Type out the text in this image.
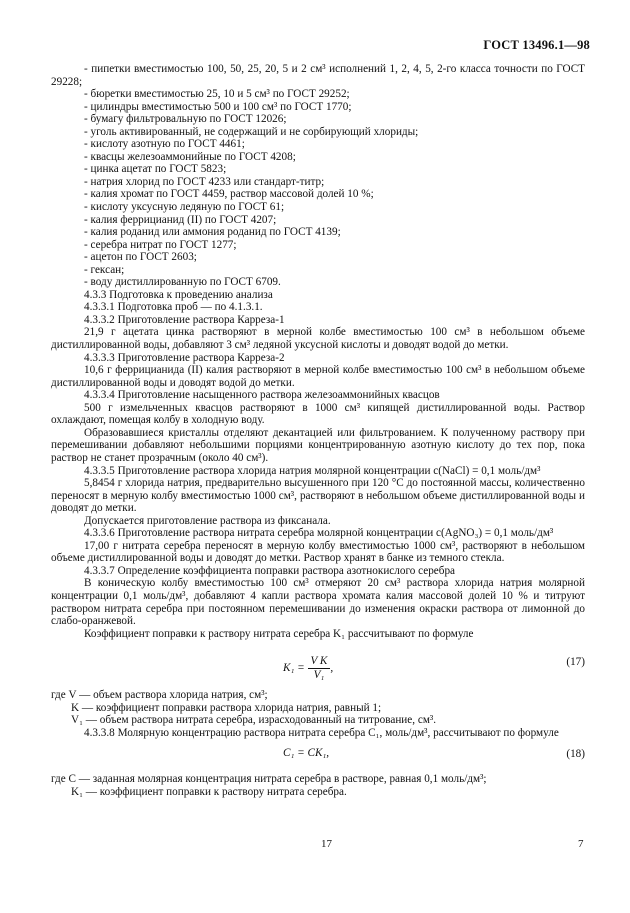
ГОСТ 13496.1—98

- пипетки вместимостью 100, 50, 25, 20, 5 и 2 см³ исполнений 1, 2, 4, 5, 2-го класса точности по ГОСТ 29228;

- бюретки вместимостью 25, 10 и 5 см³ по ГОСТ 29252;

- цилиндры вместимостью 500 и 100 см³ по ГОСТ 1770;

- бумагу фильтровальную по ГОСТ 12026;

- уголь активированный, не содержащий и не сорбирующий хлориды;

- кислоту азотную по ГОСТ 4461;

- квасцы железоаммонийные по ГОСТ 4208;

- цинка ацетат по ГОСТ 5823;

- натрия хлорид по ГОСТ 4233 или стандарт-титр;

- калия хромат по ГОСТ 4459, раствор массовой долей 10 %;

- кислоту уксусную ледяную по ГОСТ 61;

- калия феррицианид (II) по ГОСТ 4207;

- калия роданид или аммония роданид по ГОСТ 4139;

- серебра нитрат по ГОСТ 1277;

- ацетон по ГОСТ 2603;

- гексан;

- воду дистиллированную по ГОСТ 6709.

4.3.3 Подготовка к проведению анализа

4.3.3.1 Подготовка проб — по 4.1.3.1.

4.3.3.2 Приготовление раствора Карреза-1

21,9 г ацетата цинка растворяют в мерной колбе вместимостью 100 см³ в небольшом объеме дистиллированной воды, добавляют 3 см³ ледяной уксусной кислоты и доводят водой до метки.

4.3.3.3 Приготовление раствора Карреза-2

10,6 г феррицианида (II) калия растворяют в мерной колбе вместимостью 100 см³ в небольшом объеме дистиллированной воды и доводят водой до метки.

4.3.3.4 Приготовление насыщенного раствора железоаммонийных квасцов

500 г измельченных квасцов растворяют в 1000 см³ кипящей дистиллированной воды. Раствор охлаждают, помещая колбу в холодную воду.

Образовавшиеся кристаллы отделяют декантацией или фильтрованием. К полученному раствору при перемешивании добавляют небольшими порциями концентрированную азотную кислоту до тех пор, пока раствор не станет прозрачным (около 40 см³).

4.3.3.5 Приготовление раствора хлорида натрия молярной концентрации c(NaCl) = 0,1 моль/дм³

5,8454 г хлорида натрия, предварительно высушенного при 120 °С до постоянной массы, количественно переносят в мерную колбу вместимостью 1000 см³, растворяют в небольшом объеме дистиллированной воды и доводят до метки.

Допускается приготовление раствора из фиксанала.

4.3.3.6 Приготовление раствора нитрата серебра молярной концентрации c(AgNO₃) = 0,1 моль/дм³

17,00 г нитрата серебра переносят в мерную колбу вместимостью 1000 см³, растворяют в небольшом объеме дистиллированной воды и доводят до метки. Раствор хранят в банке из темного стекла.

4.3.3.7 Определение коэффициента поправки раствора азотнокислого серебра

В коническую колбу вместимостью 100 см³ отмеряют 20 см³ раствора хлорида натрия молярной концентрации 0,1 моль/дм³, добавляют 4 капли раствора хромата калия массовой долей 10 % и титруют раствором нитрата серебра при постоянном перемешивании до изменения окраски раствора от лимонной до слабо-оранжевой.

Коэффициент поправки к раствору нитрата серебра K₁ рассчитывают по формуле

$K_1 = \frac{\text{V K}}{\text{V₁}}$ ,
(17)

где V — объем раствора хлорида натрия, см³;

K — коэффициент поправки раствора хлорида натрия, равный 1;

V₁ — объем раствора нитрата серебра, израсходованный на титрование, см³.

4.3.3.8 Молярную концентрацию раствора нитрата серебра C₁, моль/дм³, рассчитывают по формуле

C₁ = CK₁,	(18)

где C — заданная молярная концентрация нитрата серебра в растворе, равная 0,1 моль/дм³;

K₁ — коэффициент поправки к раствору нитрата серебра.

17	7
